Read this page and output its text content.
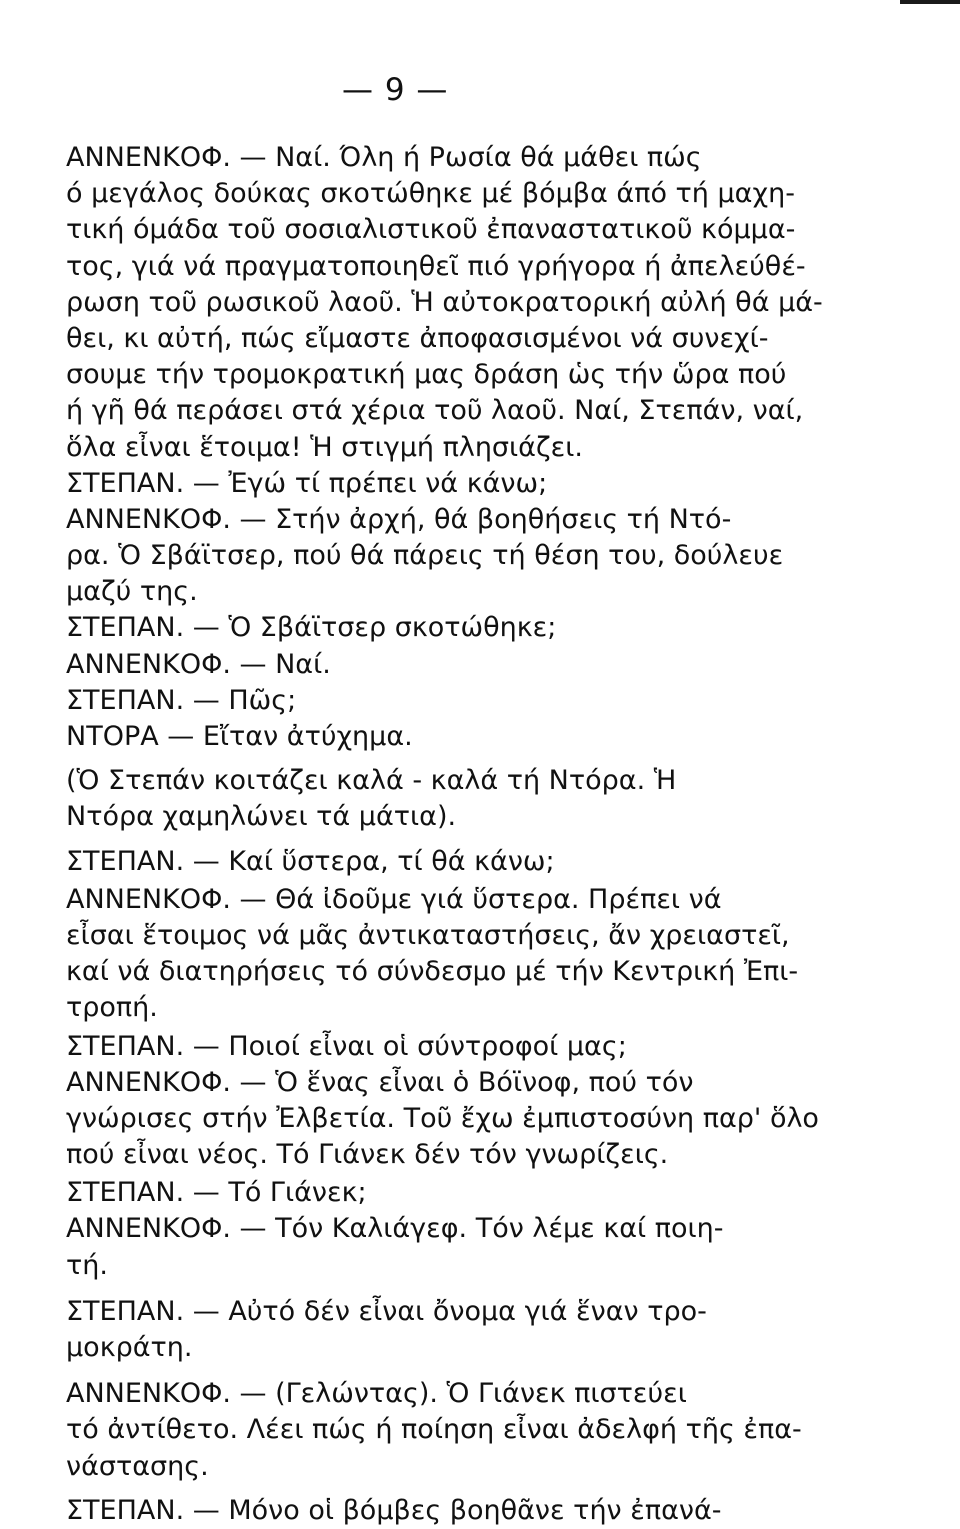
— 9 —
ΑΝΝΕΝΚΟΦ. — Ναί. Όλη ή Ρωσία θά μάθει πώς
ό μεγάλος δούκας σκοτώθηκε μέ βόμβα άπό τή μαχη-
τική όμάδα τοῦ σοσιαλιστικοῦ ἐπαναστατικοῦ κόμμα-
τος, γιά νά πραγματοποιηθεῖ πιό γρήγορα ή ἀπελεύθέ-
ρωση τοῦ ρωσικοῦ λαοῦ. Ἡ αὐτοκρατορική αὐλή θά μά-
θει, κι αὐτή, πώς εἴμαστε ἀποφασισμένοι νά συνεχί-
σουμε τήν τρομοκρατική μας δράση ὡς τήν ὥρα πού
ή γῆ θά περάσει στά χέρια τοῦ λαοῦ. Ναί, Στεπάν, ναί,
ὅλα εἶναι ἕτοιμα! Ἡ στιγμή πλησιάζει.
ΣΤΕΠΑΝ. — Ἐγώ τί πρέπει νά κάνω;
ΑΝΝΕΝΚΟΦ. — Στήν ἀρχή, θά βοηθήσεις τή Ντό-
ρα. Ὁ Σβάϊτσερ, πού θά πάρεις τή θέση του, δούλευε
μαζύ της.
ΣΤΕΠΑΝ. — Ὁ Σβάϊτσερ σκοτώθηκε;
ΑΝΝΕΝΚΟΦ. — Ναί.
ΣΤΕΠΑΝ. — Πῶς;
ΝΤΟΡΑ — Εἴταν ἀτύχημα.
(Ὁ Στεπάν κοιτάζει καλά - καλά τή Ντόρα. Ἡ
Ντόρα χαμηλώνει τά μάτια).
ΣΤΕΠΑΝ. — Καί ὕστερα, τί θά κάνω;
ΑΝΝΕΝΚΟΦ. — Θά ἰδοῦμε γιά ὕστερα. Πρέπει νά
εἶσαι ἕτοιμος νά μᾶς ἀντικαταστήσεις, ἄν χρειαστεῖ,
καί νά διατηρήσεις τό σύνδεσμο μέ τήν Κεντρική Ἐπι-
τροπή.
ΣΤΕΠΑΝ. — Ποιοί εἶναι οἱ σύντροφοί μας;
ΑΝΝΕΝΚΟΦ. — Ὁ ἕνας εἶναι ὁ Βόϊνοφ, πού τόν
γνώρισες στήν Ἐλβετία. Τοῦ ἔχω ἐμπιστοσύνη παρ' ὅλο
πού εἶναι νέος. Τό Γιάνεκ δέν τόν γνωρίζεις.
ΣΤΕΠΑΝ. — Τό Γιάνεκ;
ΑΝΝΕΝΚΟΦ. — Τόν Καλιάγεφ. Τόν λέμε καί ποιη-
τή.
ΣΤΕΠΑΝ. — Αὐτό δέν εἶναι ὄνομα γιά ἕναν τρο-
μοκράτη.
ΑΝΝΕΝΚΟΦ. — (Γελώντας). Ὁ Γιάνεκ πιστεύει
τό ἀντίθετο. Λέει πώς ή ποίηση εἶναι ἀδελφή τῆς ἐπα-
νάστασης.
ΣΤΕΠΑΝ. — Μόνο οἱ βόμβες βοηθᾶνε τήν ἐπανά-
